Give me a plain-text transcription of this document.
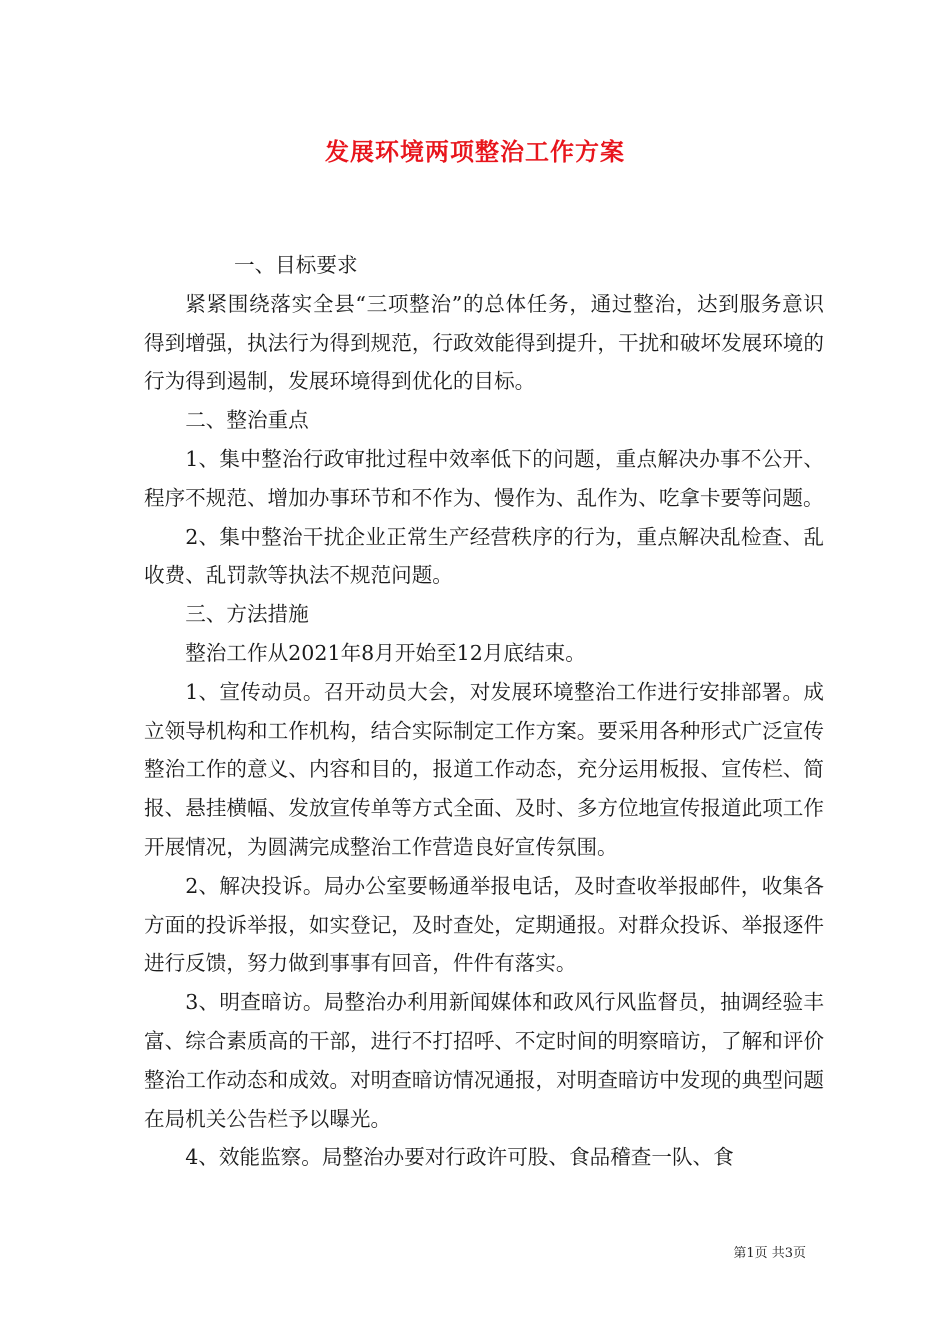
发展环境两项整治工作方案

一、目标要求

紧紧围绕落实全县“三项整治”的总体任务，通过整治，达到服务意识得到增强，执法行为得到规范，行政效能得到提升，干扰和破坏发展环境的行为得到遏制，发展环境得到优化的目标。

二、整治重点

1、集中整治行政审批过程中效率低下的问题，重点解决办事不公开、程序不规范、增加办事环节和不作为、慢作为、乱作为、吃拿卡要等问题。

2、集中整治干扰企业正常生产经营秩序的行为，重点解决乱检查、乱收费、乱罚款等执法不规范问题。

三、方法措施

整治工作从2021年8月开始至12月底结束。

1、宣传动员。召开动员大会，对发展环境整治工作进行安排部署。成立领导机构和工作机构，结合实际制定工作方案。要采用各种形式广泛宣传整治工作的意义、内容和目的，报道工作动态，充分运用板报、宣传栏、简报、悬挂横幅、发放宣传单等方式全面、及时、多方位地宣传报道此项工作开展情况，为圆满完成整治工作营造良好宣传氛围。

2、解决投诉。局办公室要畅通举报电话，及时查收举报邮件，收集各方面的投诉举报，如实登记，及时查处，定期通报。对群众投诉、举报逐件进行反馈，努力做到事事有回音，件件有落实。

3、明查暗访。局整治办利用新闻媒体和政风行风监督员，抽调经验丰富、综合素质高的干部，进行不打招呼、不定时间的明察暗访，了解和评价整治工作动态和成效。对明查暗访情况通报，对明查暗访中发现的典型问题在局机关公告栏予以曝光。

4、效能监察。局整治办要对行政许可股、食品稽查一队、食

第1页 共3页
